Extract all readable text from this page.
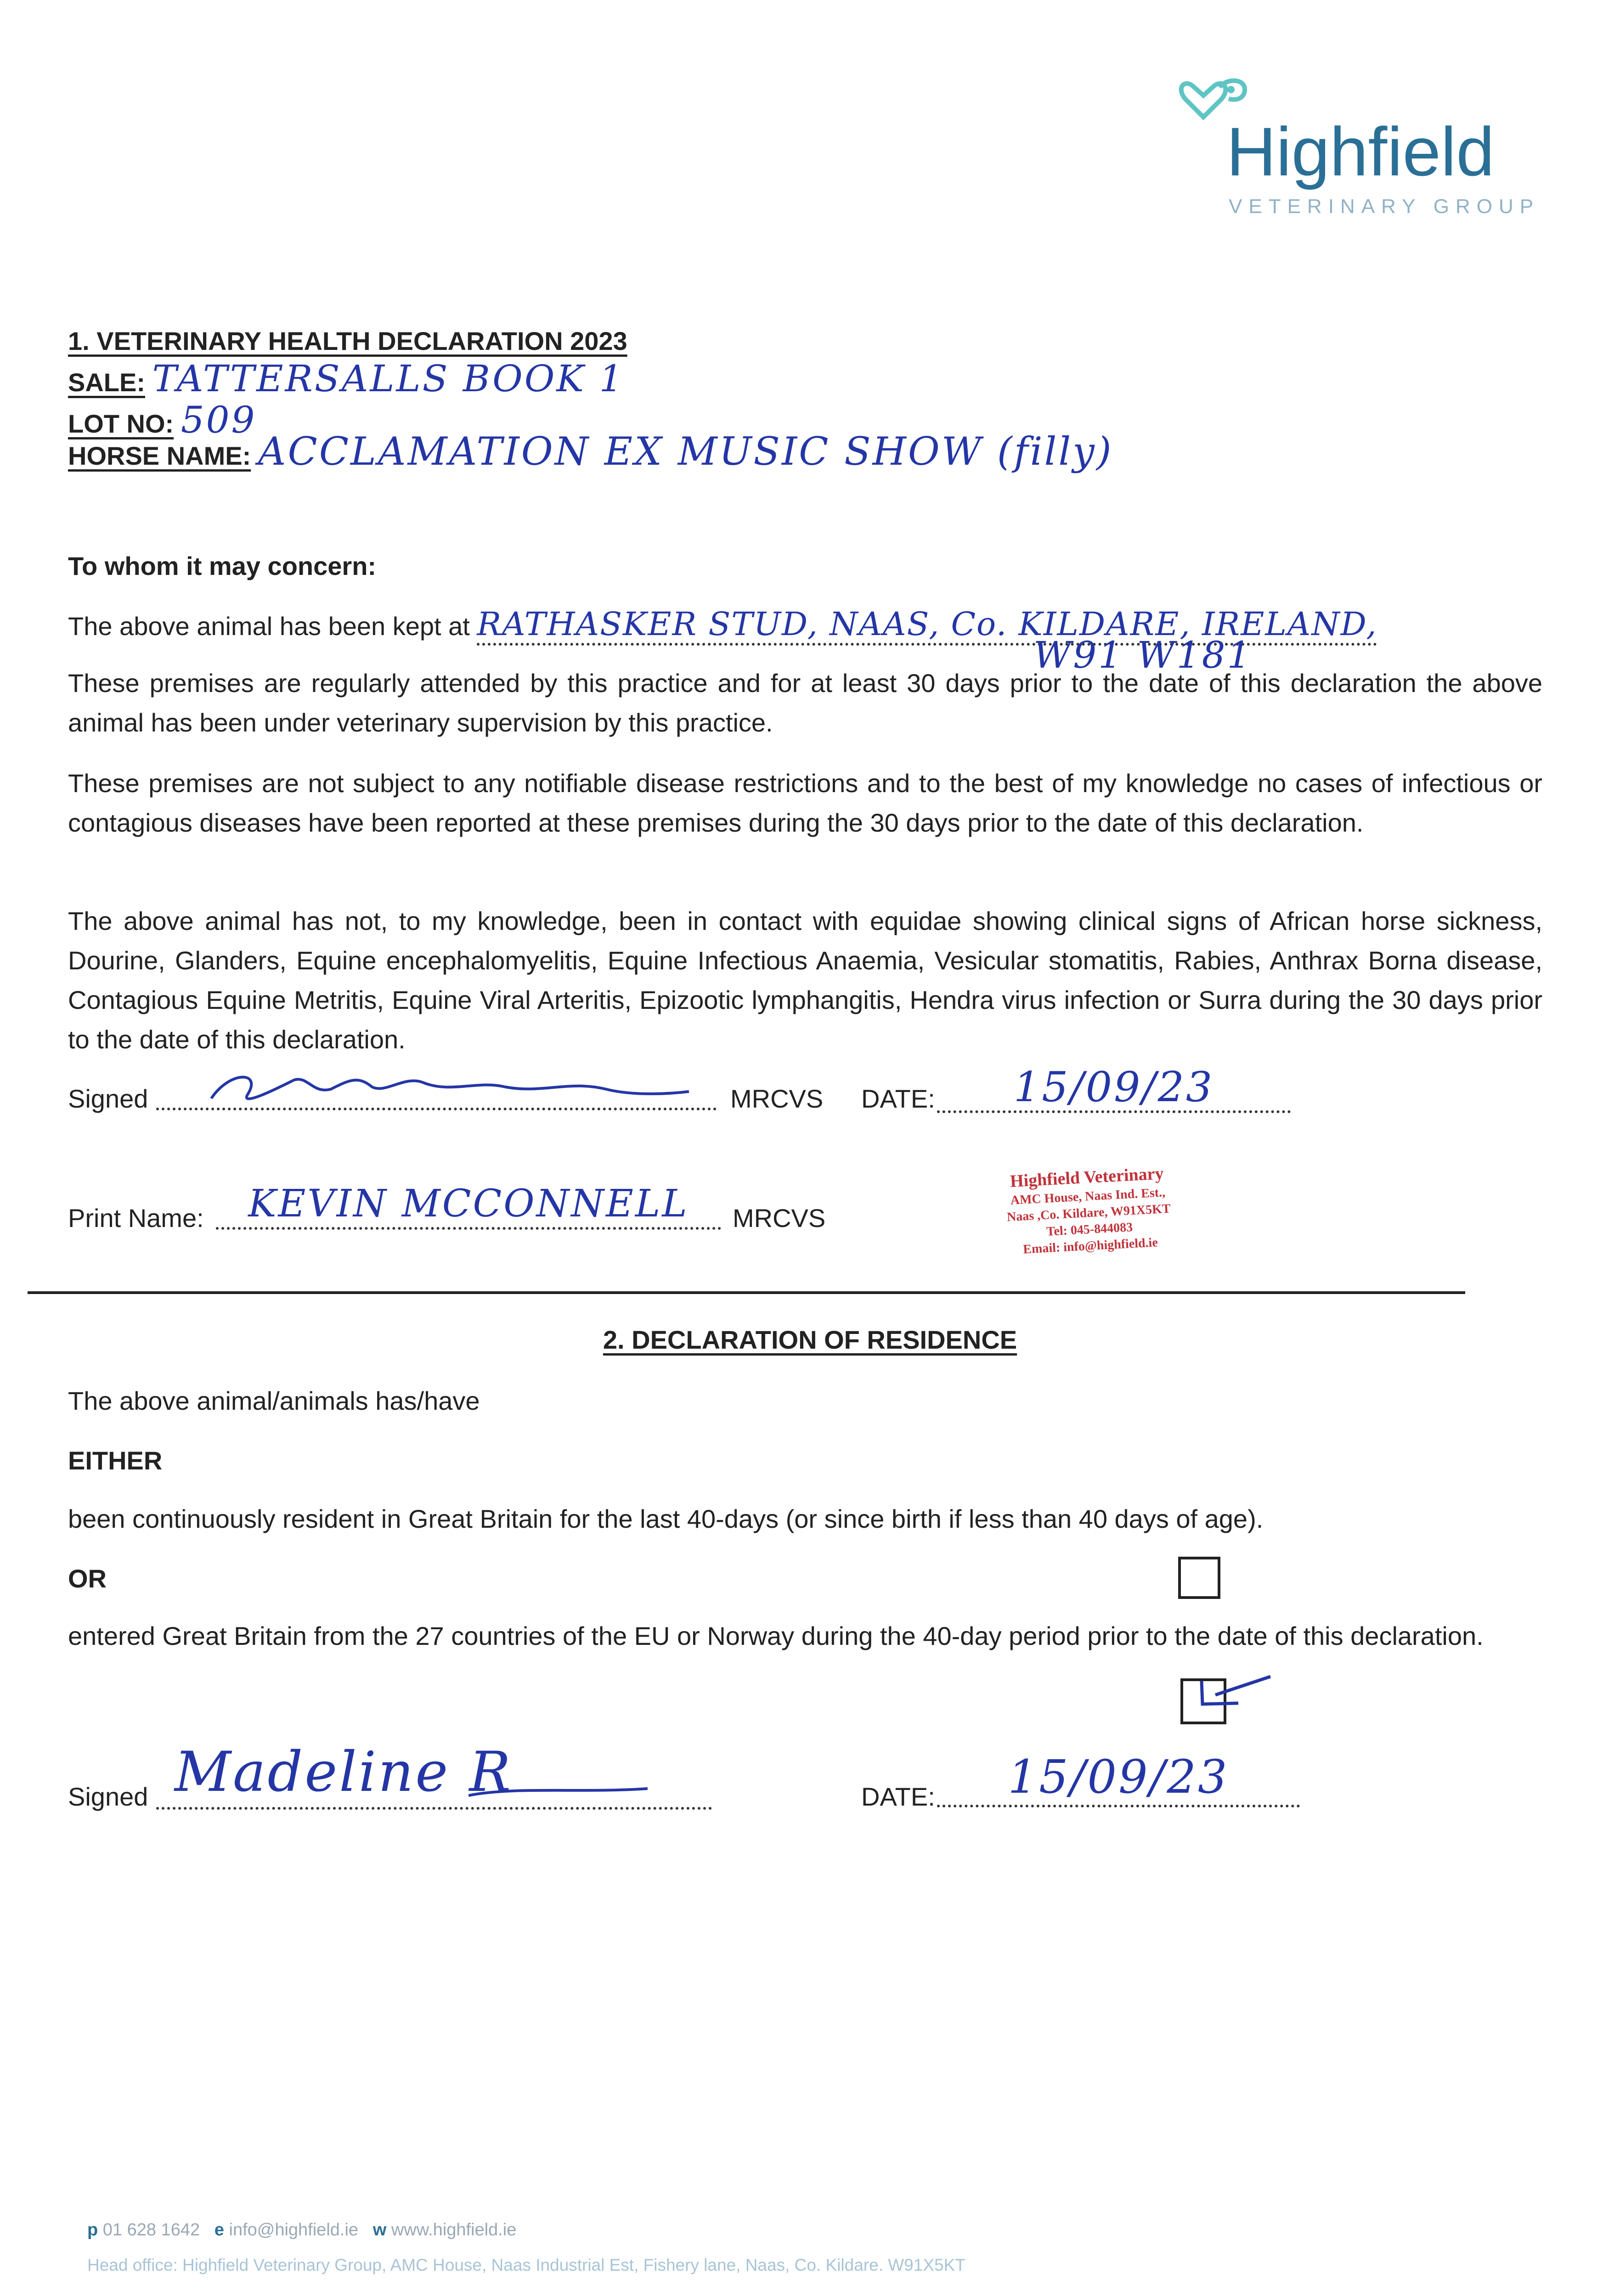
Highfield
VETERINARY GROUP
1. VETERINARY HEALTH DECLARATION 2023
SALE: TATTERSALLS BOOK 1
LOT NO: 509
HORSE NAME: ACCLAMATION EX MUSIC SHOW (filly)
To whom it may concern:
The above animal has been kept at RATHASKER STUD, NAAS, Co. KILDARE, IRELAND,
W91 W181
These premises are regularly attended by this practice and for at least 30 days prior to the date of this declaration the above animal has been under veterinary supervision by this practice.
These premises are not subject to any notifiable disease restrictions and to the best of my knowledge no cases of infectious or contagious diseases have been reported at these premises during the 30 days prior to the date of this declaration.
The above animal has not, to my knowledge, been in contact with equidae showing clinical signs of African horse sickness, Dourine, Glanders, Equine encephalomyelitis, Equine Infectious Anaemia, Vesicular stomatitis, Rabies, Anthrax Borna disease, Contagious Equine Metritis, Equine Viral Arteritis, Epizootic lymphangitis, Hendra virus infection or Surra during the 30 days prior to the date of this declaration.
Signed	MRCVS DATE:	15/09/23
Print Name:	KEVIN MCCONNELL	MRCVS
Highfield Veterinary
AMC House, Naas Ind. Est.,
Naas ,Co. Kildare, W91X5KT
Tel: 045-844083
Email: info@highfield.ie
2. DECLARATION OF RESIDENCE
The above animal/animals has/have
EITHER
been continuously resident in Great Britain for the last 40-days (or since birth if less than 40 days of age).
OR
entered Great Britain from the 27 countries of the EU or Norway during the 40-day period prior to the date of this declaration.
Signed Madeline R	DATE:	15/09/23
p 01 628 1642 e info@highfield.ie w www.highfield.ie
Head office: Highfield Veterinary Group, AMC House, Naas Industrial Est, Fishery lane, Naas, Co. Kildare. W91X5KT
